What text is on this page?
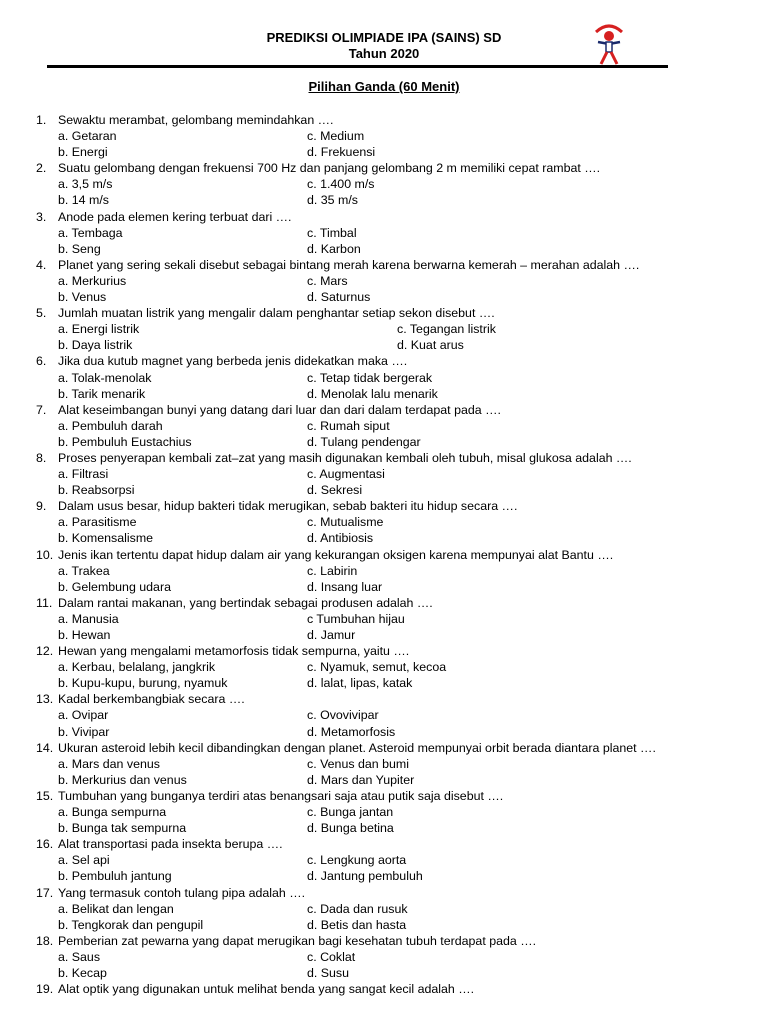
PREDIKSI OLIMPIADE IPA (SAINS) SD
Tahun 2020
Pilihan Ganda (60 Menit)
1. Sewaktu merambat, gelombang memindahkan ….
a. Getaran	c. Medium
b. Energi	d. Frekuensi
2. Suatu gelombang dengan frekuensi 700 Hz dan panjang gelombang 2 m memiliki cepat rambat ….
a. 3,5 m/s	c. 1.400 m/s
b. 14 m/s	d. 35 m/s
3. Anode pada elemen kering terbuat dari ….
a. Tembaga	c. Timbal
b. Seng	d. Karbon
4. Planet yang sering sekali disebut sebagai bintang merah karena berwarna kemerah – merahan adalah ….
a. Merkurius	c. Mars
b. Venus	d. Saturnus
5. Jumlah muatan listrik yang mengalir dalam penghantar setiap sekon disebut ….
a. Energi listrik	c. Tegangan listrik
b. Daya listrik	d. Kuat arus
6. Jika dua kutub magnet yang berbeda jenis didekatkan maka ….
a. Tolak-menolak	c. Tetap tidak bergerak
b. Tarik menarik	d. Menolak lalu menarik
7. Alat keseimbangan bunyi yang datang dari luar dan dari dalam terdapat pada ….
a. Pembuluh darah	c. Rumah siput
b. Pembuluh Eustachius	d. Tulang pendengar
8. Proses penyerapan kembali zat–zat yang masih digunakan kembali oleh tubuh, misal glukosa adalah ….
a. Filtrasi	c. Augmentasi
b. Reabsorpsi	d. Sekresi
9. Dalam usus besar, hidup bakteri tidak merugikan, sebab bakteri itu hidup secara ….
a. Parasitisme	c. Mutualisme
b. Komensalisme	d. Antibiosis
10. Jenis ikan tertentu dapat hidup dalam air yang kekurangan oksigen karena mempunyai alat Bantu ….
a. Trakea	c. Labirin
b. Gelembung udara	d. Insang luar
11. Dalam rantai makanan, yang bertindak sebagai produsen adalah ….
a. Manusia	c Tumbuhan hijau
b. Hewan	d. Jamur
12. Hewan yang mengalami metamorfosis tidak sempurna, yaitu ….
a. Kerbau, belalang, jangkrik	c. Nyamuk, semut, kecoa
b. Kupu-kupu, burung, nyamuk	d. lalat, lipas, katak
13. Kadal berkembangbiak secara ….
a. Ovipar	c. Ovovivipar
b. Vivipar	d. Metamorfosis
14. Ukuran asteroid lebih kecil dibandingkan dengan planet. Asteroid mempunyai orbit berada diantara planet ….
a. Mars dan venus	c. Venus dan bumi
b. Merkurius dan venus	d. Mars dan Yupiter
15. Tumbuhan yang bunganya terdiri atas benangsari saja atau putik saja disebut ….
a. Bunga sempurna	c. Bunga jantan
b. Bunga tak sempurna	d. Bunga betina
16. Alat transportasi pada insekta berupa ….
a. Sel api	c. Lengkung aorta
b. Pembuluh jantung	d. Jantung pembuluh
17. Yang termasuk contoh tulang pipa adalah ….
a. Belikat dan lengan	c. Dada dan rusuk
b. Tengkorak dan pengupil	d. Betis dan hasta
18. Pemberian zat pewarna yang dapat merugikan bagi kesehatan tubuh terdapat pada ….
a. Saus	c. Coklat
b. Kecap	d. Susu
19. Alat optik yang digunakan untuk melihat benda yang sangat kecil adalah ….
